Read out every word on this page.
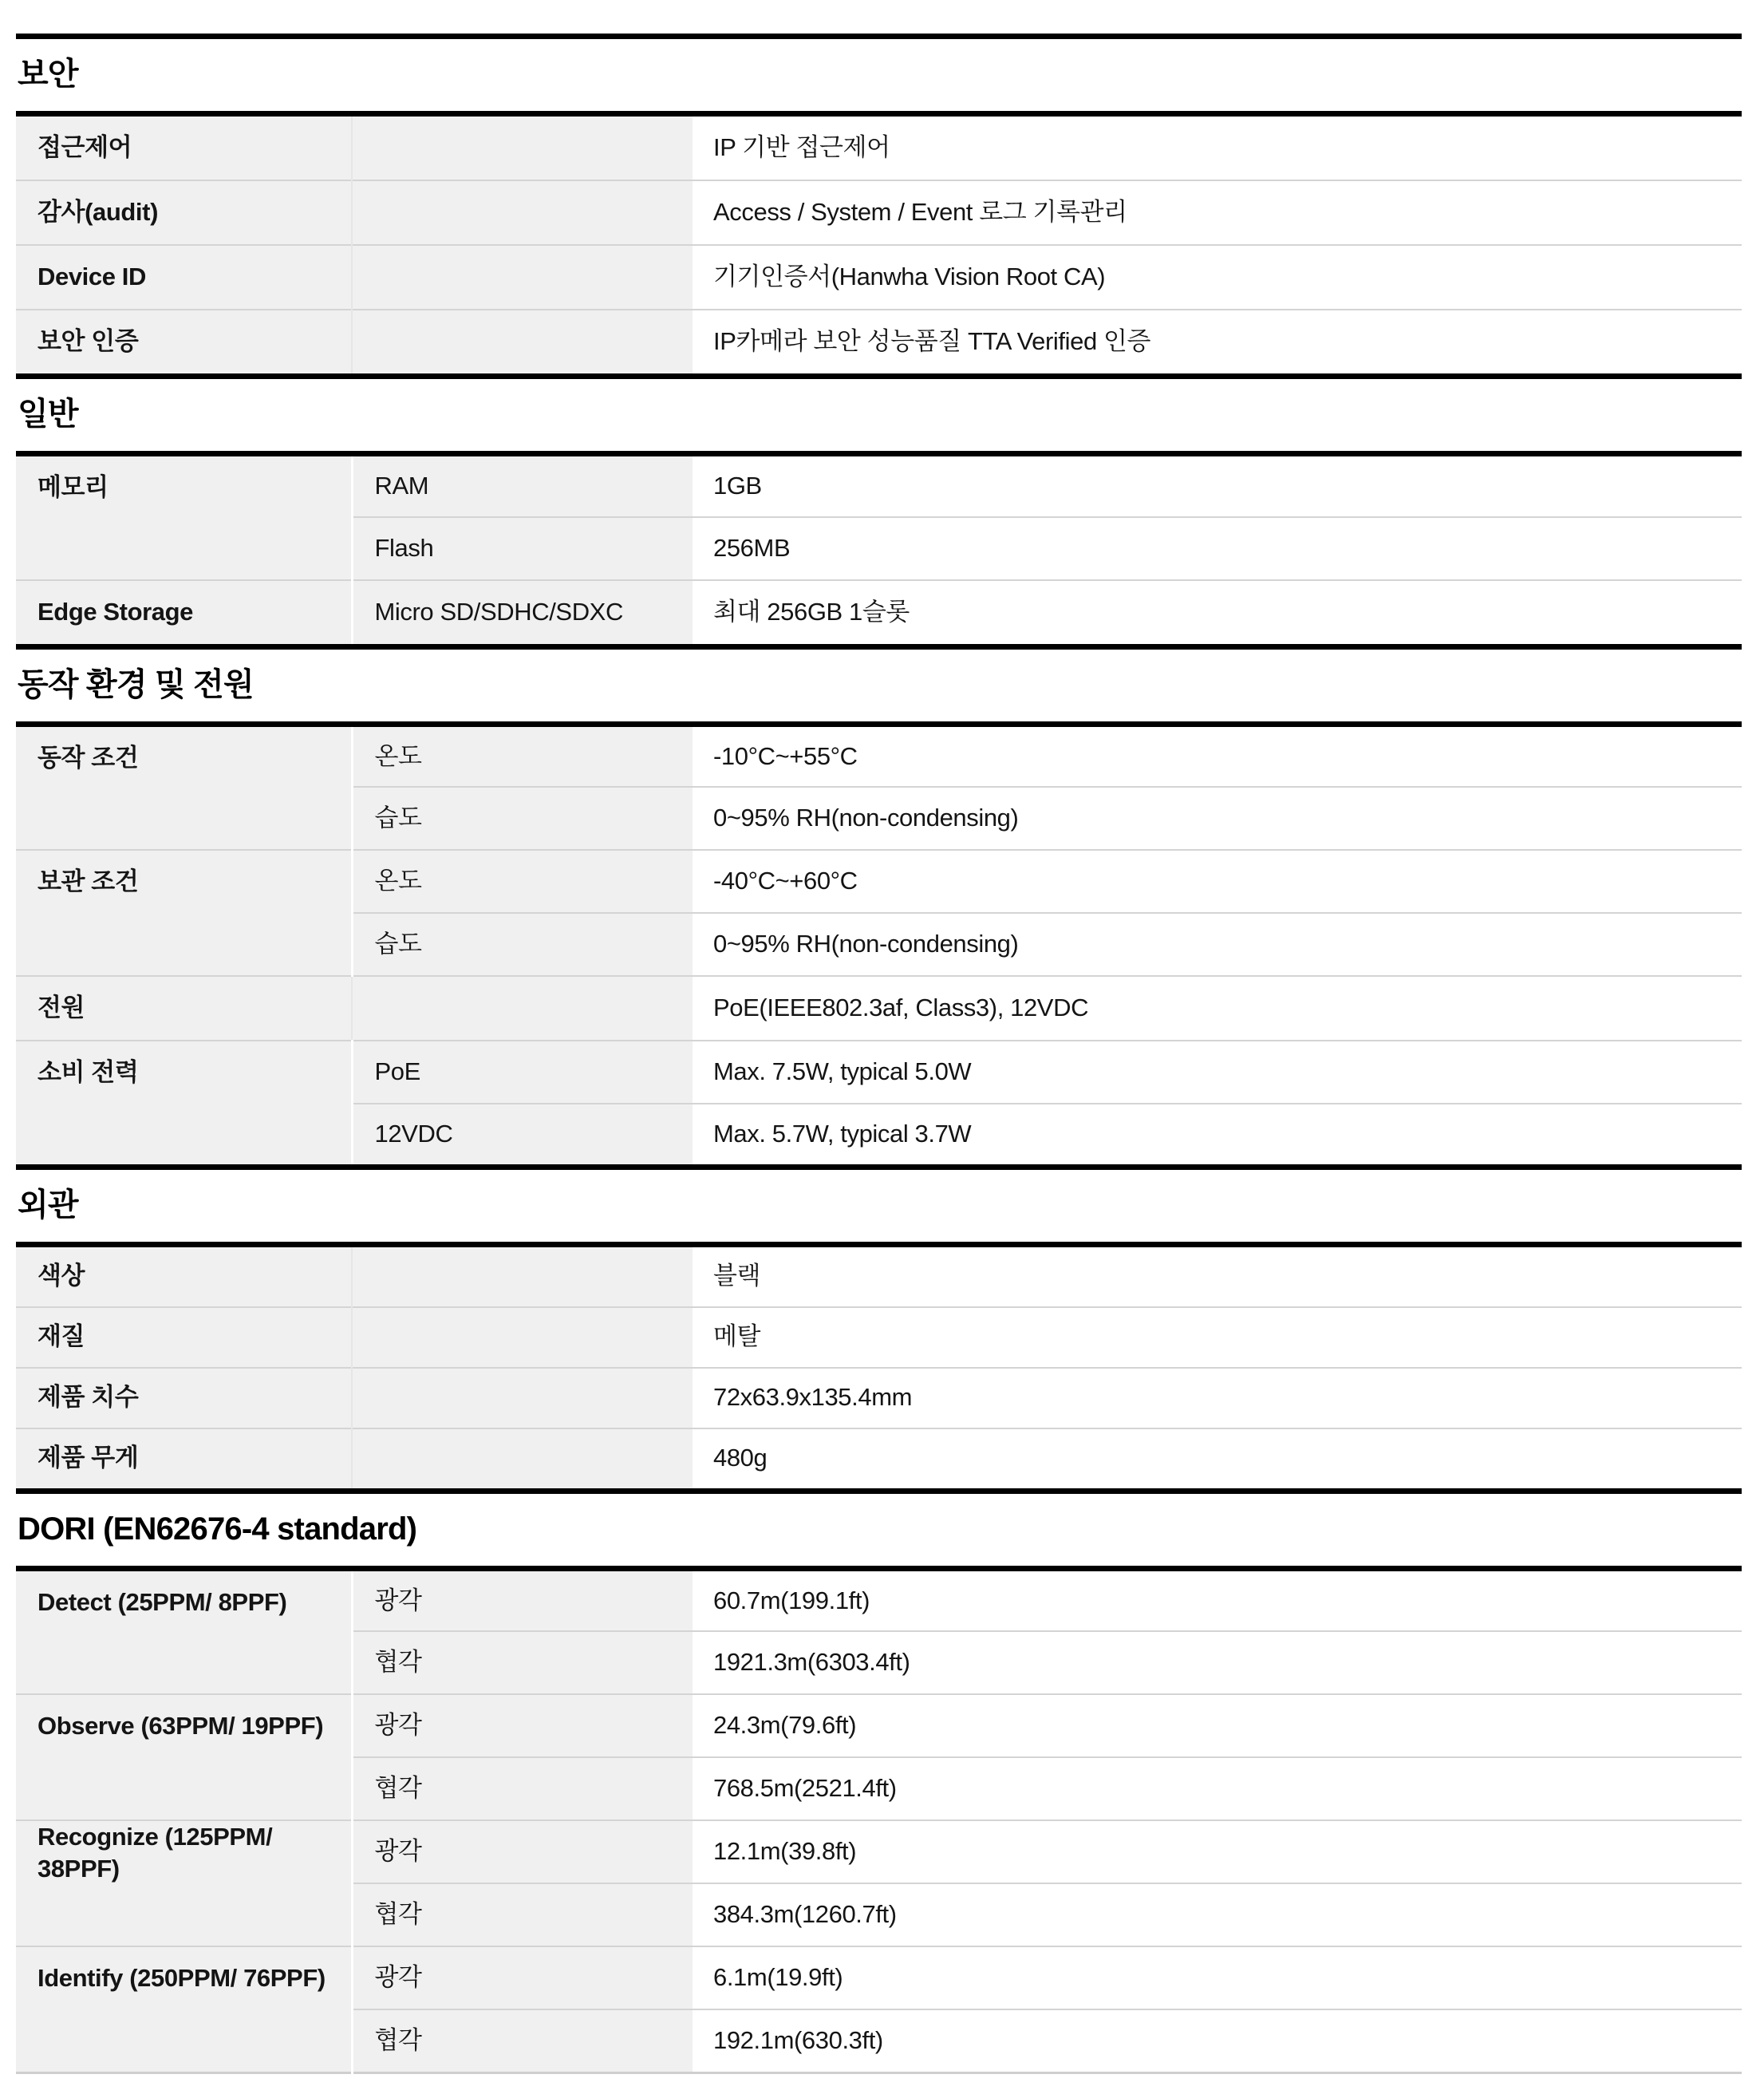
보안
접근제어		IP 기반 접근제어

감사(audit)		Access / System / Event 로그 기록관리

Device ID		기기인증서(Hanwha Vision Root CA)

보안 인증		IP카메라 보안 성능품질 TTA Verified 인증
일반
메모리	RAM	1GB
	Flash	256MB

Edge Storage	Micro SD/SDHC/SDXC	최대 256GB 1슬롯
동작 환경 및 전원
동작 조건	온도	-10°C~+55°C
	습도	0~95% RH(non-condensing)

보관 조건	온도	-40°C~+60°C
	습도	0~95% RH(non-condensing)

전원		PoE(IEEE802.3af, Class3), 12VDC

소비 전력	PoE	Max. 7.5W, typical 5.0W
	12VDC	Max. 5.7W, typical 3.7W
외관
색상		블랙

재질		메탈

제품 치수		72x63.9x135.4mm

제품 무게		480g
DORI (EN62676-4 standard)
Detect (25PPM/ 8PPF)	광각	60.7m(199.1ft)
	협각	1921.3m(6303.4ft)

Observe (63PPM/ 19PPF)	광각	24.3m(79.6ft)
	협각	768.5m(2521.4ft)

Recognize (125PPM/ 38PPF)	광각	12.1m(39.8ft)
	협각	384.3m(1260.7ft)

Identify (250PPM/ 76PPF)	광각	6.1m(19.9ft)
	협각	192.1m(630.3ft)
